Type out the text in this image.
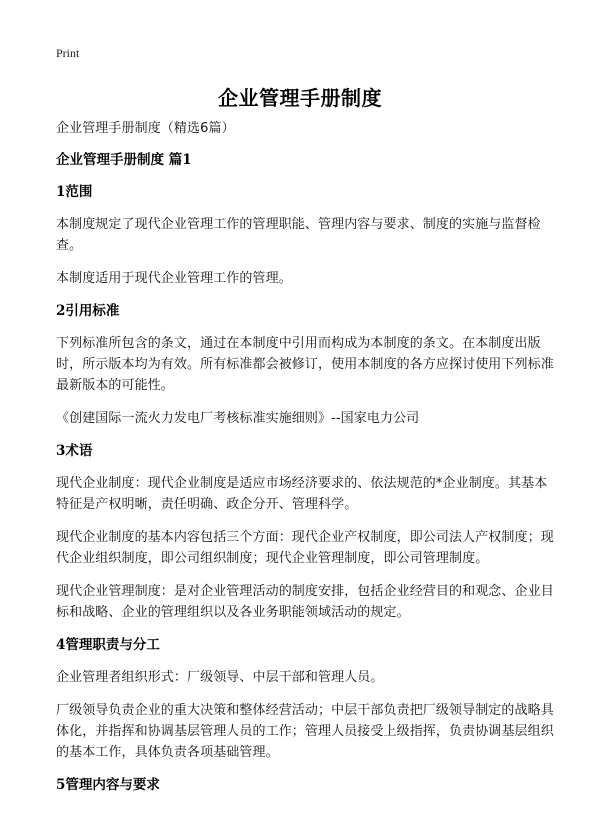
Print
企业管理手册制度

企业管理手册制度（精选6篇）

企业管理手册制度 篇1

1范围

本制度规定了现代企业管理工作的管理职能、管理内容与要求、制度的实施与监督检查。

本制度适用于现代企业管理工作的管理。

2引用标准

下列标准所包含的条文，通过在本制度中引用而构成为本制度的条文。在本制度出版时，所示版本均为有效。所有标准都会被修订，使用本制度的各方应探讨使用下列标准最新版本的可能性。

《创建国际一流火力发电厂考核标准实施细则》--国家电力公司

3术语

现代企业制度：现代企业制度是适应市场经济要求的、依法规范的*企业制度。其基本特征是产权明晰，责任明确、政企分开、管理科学。

现代企业制度的基本内容包括三个方面：现代企业产权制度，即公司法人产权制度；现代企业组织制度，即公司组织制度；现代企业管理制度，即公司管理制度。

现代企业管理制度：是对企业管理活动的制度安排，包括企业经营目的和观念、企业目标和战略、企业的管理组织以及各业务职能领域活动的规定。

4管理职责与分工

企业管理者组织形式：厂级领导、中层干部和管理人员。

厂级领导负责企业的重大决策和整体经营活动；中层干部负责把厂级领导制定的战略具体化，并指挥和协调基层管理人员的工作；管理人员接受上级指挥，负责协调基层组织的基本工作，具体负责各项基础管理。

5管理内容与要求
